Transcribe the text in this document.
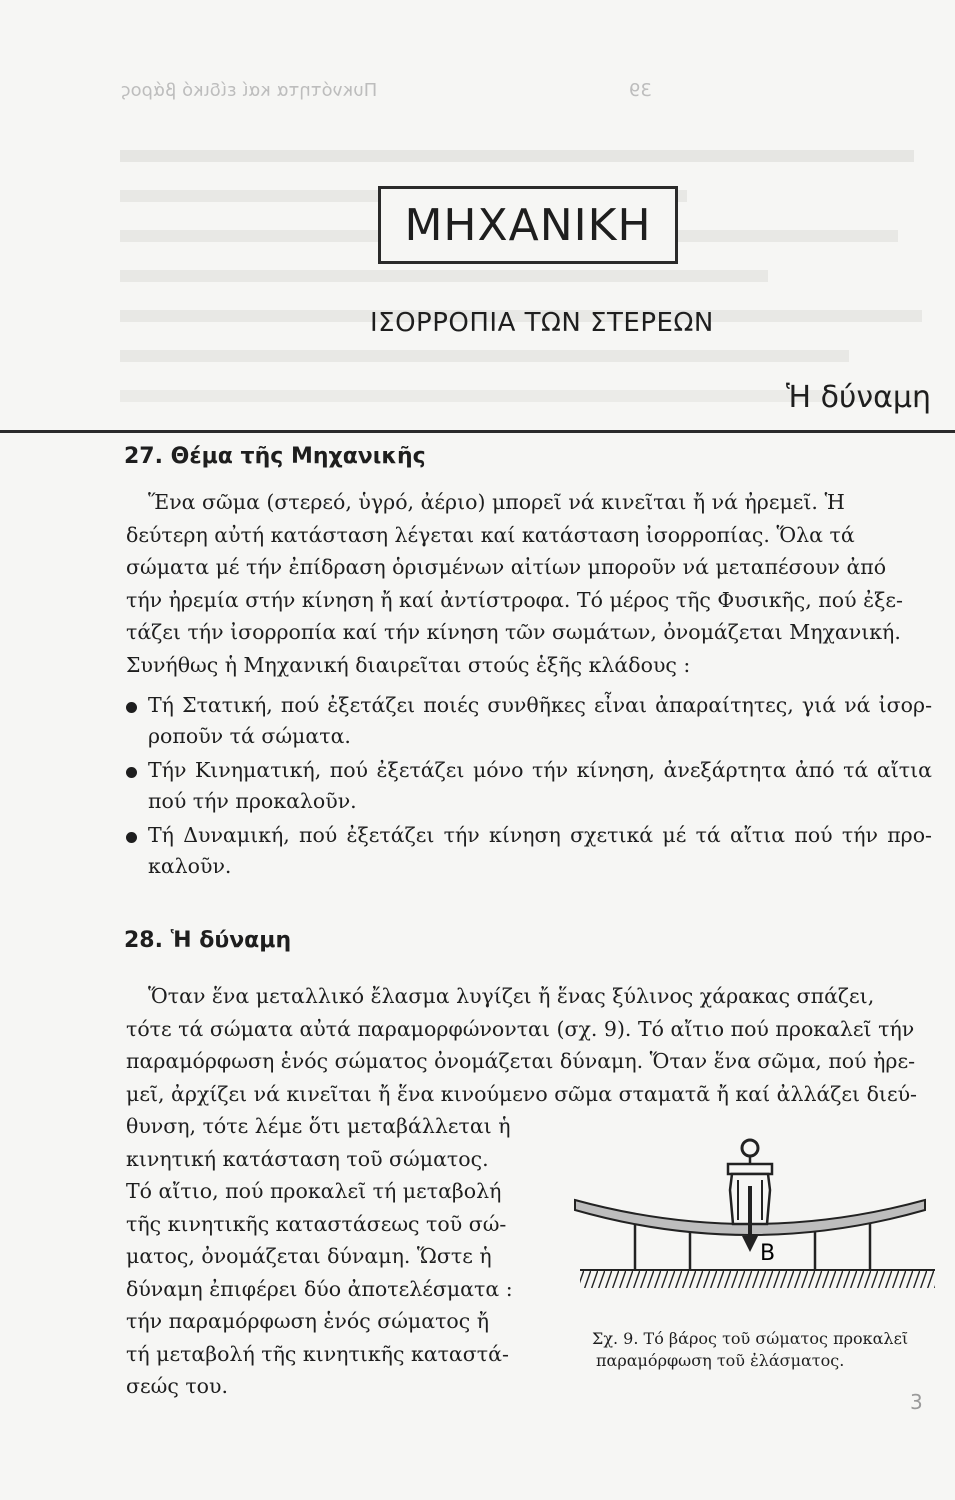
39                                            Πυκνότητα καί είδικό βάρος
ΜΗΧΑΝΙΚΗ
ΙΣΟΡΡΟΠΙΑ ΤΩΝ ΣΤΕΡΕΩΝ
Ἡ δύναμη
27. Θέμα τῆς Μηχανικῆς

Ἕνα σῶμα (στερεό, ὑγρό, ἀέριο) μπορεῖ νά κινεῖται ἤ νά ἠρεμεῖ. Ἡ

δεύτερη αὐτή κατάσταση λέγεται καί κατάσταση ἰσορροπίας. Ὅλα τά

σώματα μέ τήν ἐπίδραση ὁρισμένων αἰτίων μποροῦν νά μεταπέσουν ἀπό

τήν ἠρεμία στήν κίνηση ἤ καί ἀντίστροφα. Τό μέρος τῆς Φυσικῆς, πού ἐξε-

τάζει τήν ἰσορροπία καί τήν κίνηση τῶν σωμάτων, ὀνομάζεται Μηχανική.

Συνήθως ἡ Μηχανική διαιρεῖται στούς ἑξῆς κλάδους :

Τή Στατική, πού ἐξετάζει ποιές συνθῆκες εἶναι ἀπαραίτητες, γιά νά ἰσορ-ροποῦν τά σώματα.
Τήν Κινηματική, πού ἐξετάζει μόνο τήν κίνηση, ἀνεξάρτητα ἀπό τά αἴτια πού τήν προκαλοῦν.
Τή Δυναμική, πού ἐξετάζει τήν κίνηση σχετικά μέ τά αἴτια πού τήν προ-καλοῦν.
28. Ἡ δύναμη

Ὅταν ἕνα μεταλλικό ἔλασμα λυγίζει ἤ ἕνας ξύλινος χάρακας σπάζει,

τότε τά σώματα αὐτά παραμορφώνονται (σχ. 9). Τό αἴτιο πού προκαλεῖ τήν

παραμόρφωση ἑνός σώματος ὀνομάζεται δύναμη. Ὅταν ἕνα σῶμα, πού ἠρε-

μεῖ, ἀρχίζει νά κινεῖται ἤ ἕνα κινούμενο σῶμα σταματᾶ ἤ καί ἀλλάζει διεύ-

θυνση, τότε λέμε ὅτι μεταβάλλεται ἡ

κινητική κατάσταση τοῦ σώματος.

Τό αἴτιο, πού προκαλεῖ τή μεταβολή

τῆς κινητικῆς καταστάσεως τοῦ σώ-

ματος, ὀνομάζεται δύναμη. Ὥστε ἡ

δύναμη ἐπιφέρει δύο ἀποτελέσματα :

τήν παραμόρφωση ἑνός σώματος ἤ

τή μεταβολή τῆς κινητικῆς καταστά-

σεώς του.

B
Σχ. 9. Τό βάρος τοῦ σώματος προκαλεῖ
παραμόρφωση τοῦ ἐλάσματος.
3
